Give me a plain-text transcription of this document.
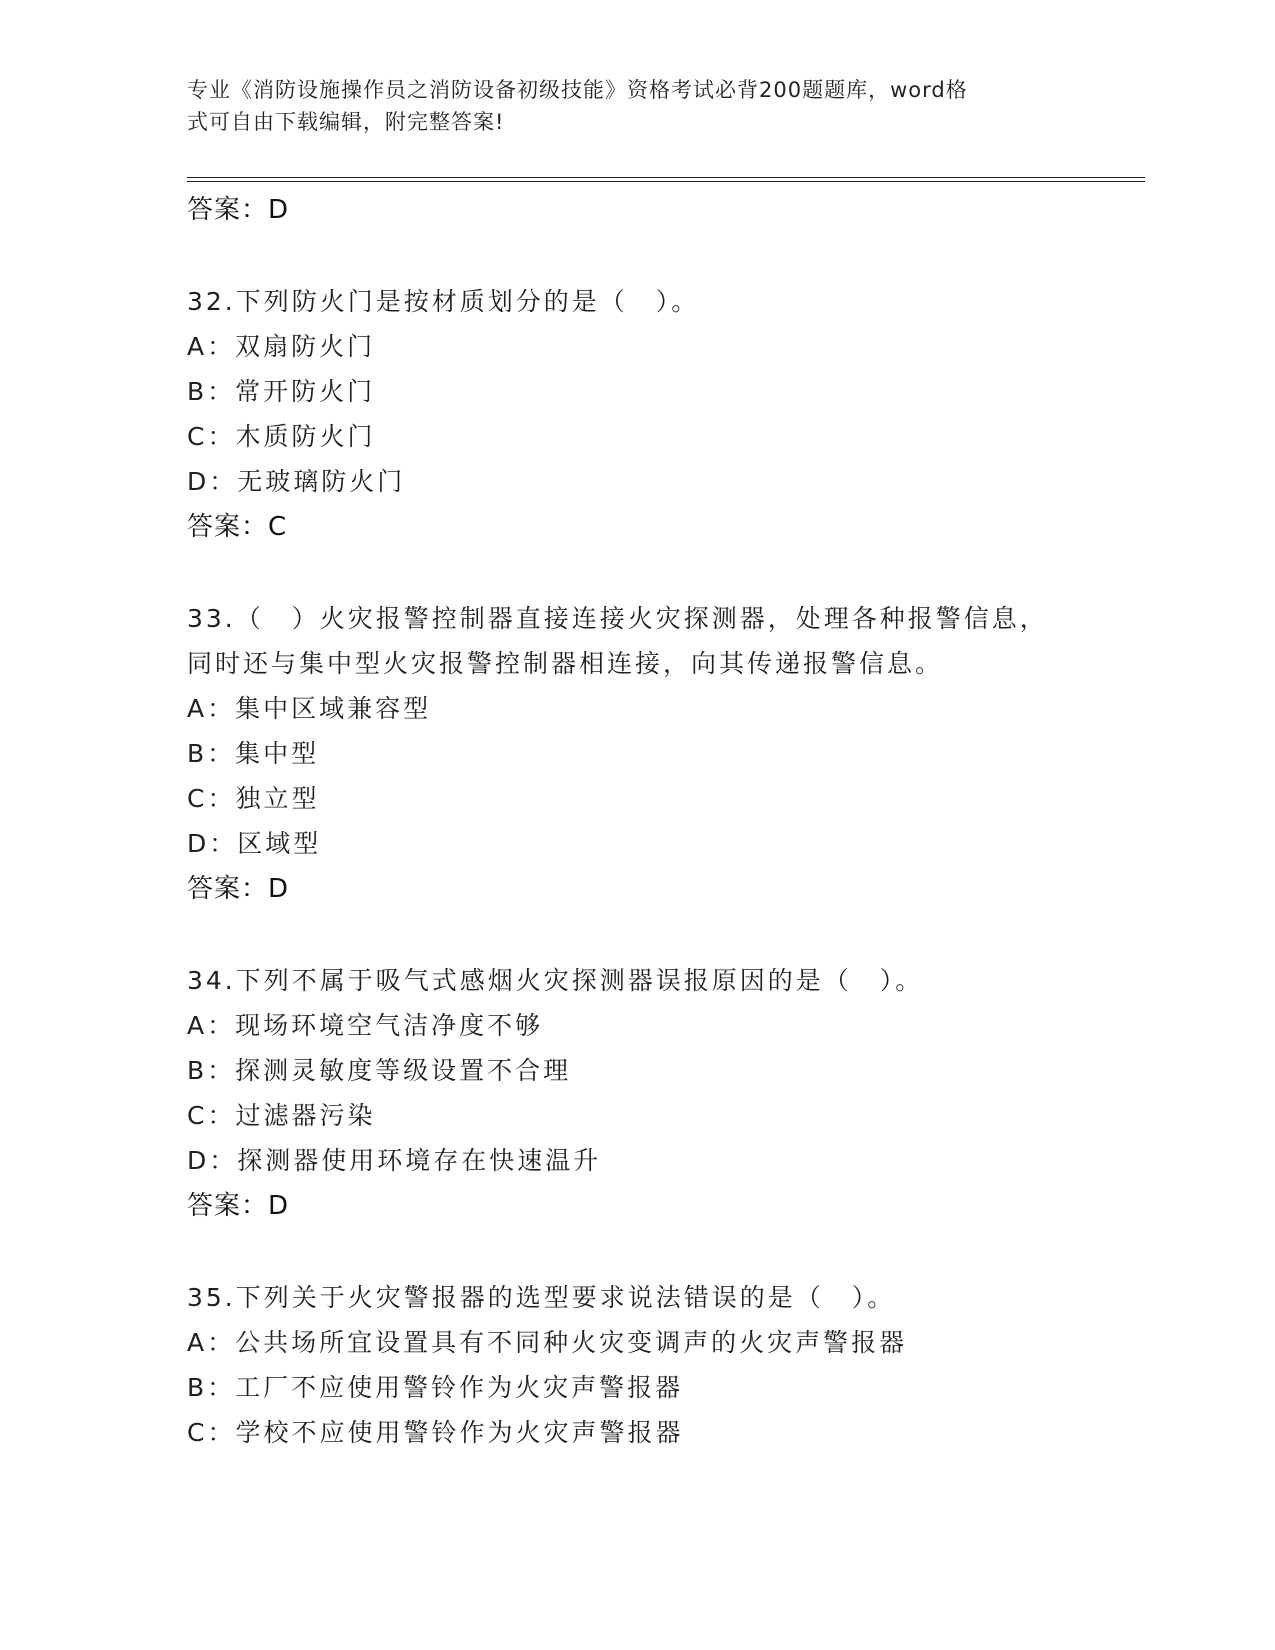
专业《消防设施操作员之消防设备初级技能》资格考试必背200题题库，word格
式可自由下载编辑，附完整答案!
答案：D
32.下列防火门是按材质划分的是（　）。
A：双扇防火门
B：常开防火门
C：木质防火门
D：无玻璃防火门
答案：C
33.（　）火灾报警控制器直接连接火灾探测器，处理各种报警信息，
同时还与集中型火灾报警控制器相连接，向其传递报警信息。
A：集中区域兼容型
B：集中型
C：独立型
D：区域型
答案：D
34.下列不属于吸气式感烟火灾探测器误报原因的是（　）。
A：现场环境空气洁净度不够
B：探测灵敏度等级设置不合理
C：过滤器污染
D：探测器使用环境存在快速温升
答案：D
35.下列关于火灾警报器的选型要求说法错误的是（　）。
A：公共场所宜设置具有不同种火灾变调声的火灾声警报器
B：工厂不应使用警铃作为火灾声警报器
C：学校不应使用警铃作为火灾声警报器
